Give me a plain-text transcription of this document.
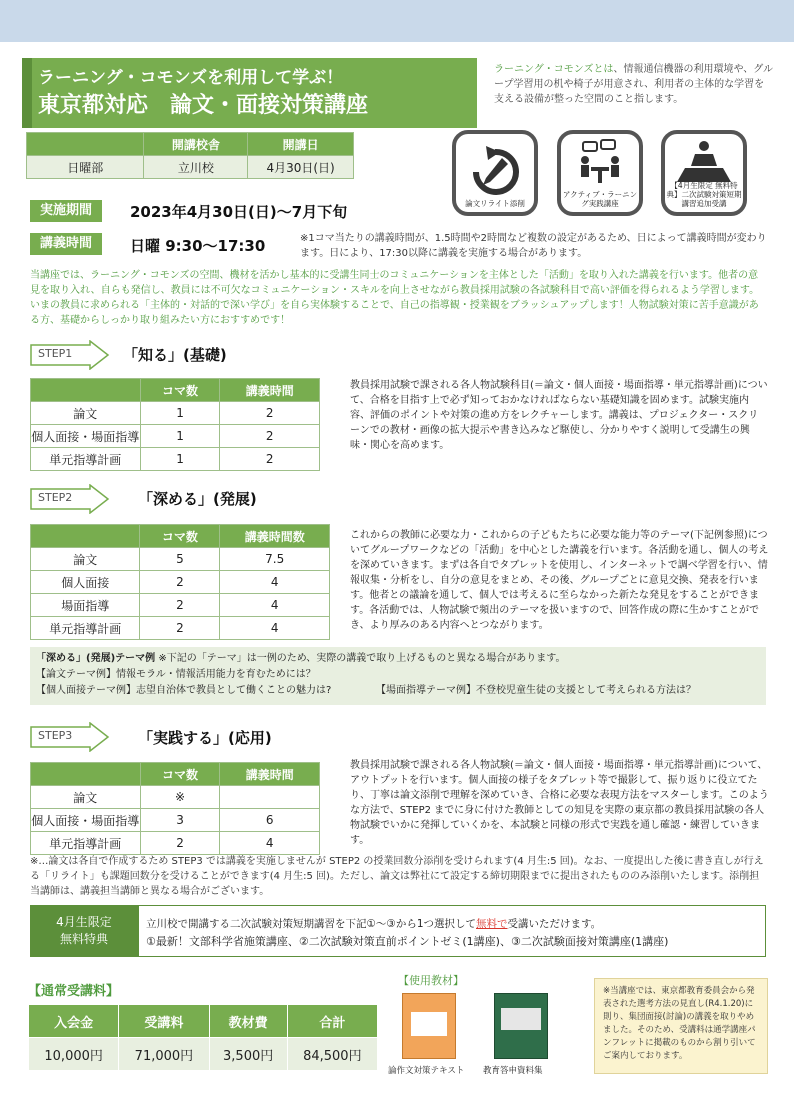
ラーニング・コモンズを利用して学ぶ！
東京都対応　論文・面接対策講座
ラーニング・コモンズとは、情報通信機器の利用環境や、グループ学習用の机や椅子が用意され、利用者の主体的な学習を支える設備が整った空間のこと指します。
	開講校舎	開講日
日曜部	立川校	4月30日(日)
論文リライト添削
アクティブ・ラーニング実践講座
【4月生限定 無料特典】二次試験対策短期講習追加受講
実施期間	2023年4月30日(日)～7月下旬
講義時間	日曜 9:30～17:30	※1コマ当たりの講義時間が、1.5時間や2時間など複数の設定があるため、日によって講義時間が変わります。日により、17:30以降に講義を実施する場合があります。
当講座では、ラーニング・コモンズの空間、機材を活かし基本的に受講生同士のコミュニケーションを主体とした「活動」を取り入れた講義を行います。他者の意見を取り入れ、自らも発信し、教員には不可欠なコミュニケーション・スキルを向上させながら教員採用試験の各試験科目で高い評価を得られるよう学習します。いまの教員に求められる「主体的・対話的で深い学び」を自ら実体験することで、自己の指導観・授業観をブラッシュアップします！人物試験対策に苦手意識がある方、基礎からしっかり取り組みたい方におすすめです！
STEP1	「知る」(基礎)
	コマ数	講義時間
論文	1	2
個人面接・場面指導	1	2
単元指導計画	1	2
教員採用試験で課される各人物試験科目(＝論文・個人面接・場面指導・単元指導計画)について、合格を目指す上で必ず知っておかなければならない基礎知識を固めます。試験実施内容、評価のポイントや対策の進め方をレクチャーします。講義は、プロジェクター・スクリーンでの教材・画像の拡大提示や書き込みなど駆使し、分かりやすく説明して受講生の興味・関心を高めます。
STEP2	「深める」(発展)
	コマ数	講義時間数
論文	5	7.5
個人面接	2	4
場面指導	2	4
単元指導計画	2	4
これからの教師に必要な力・これからの子どもたちに必要な能力等のテーマ(下記例参照)についてグループワークなどの「活動」を中心とした講義を行います。各活動を通し、個人の考えを深めていきます。まずは各自でタブレットを使用し、インターネットで調べ学習を行い、情報収集・分析をし、自分の意見をまとめ、その後、グループごとに意見交換、発表を行います。他者との議論を通して、個人では考えるに至らなかった新たな発見をすることができます。各活動では、人物試験で頻出のテーマを扱いますので、回答作成の際に生かすことができ、より厚みのある内容へとつながります。
「深める」(発展)テーマ例 ※下記の「テーマ」は一例のため、実際の講義で取り上げるものと異なる場合があります。
【論文テーマ例】情報モラル・情報活用能力を育むためには？
【個人面接テーマ例】志望自治体で教員として働くことの魅力は?	【場面指導テーマ例】不登校児童生徒の支援として考えられる方法は？
STEP3	「実践する」(応用)
	コマ数	講義時間
論文	※	
個人面接・場面指導	3	6
単元指導計画	2	4
教員採用試験で課される各人物試験(＝論文・個人面接・場面指導・単元指導計画)について、アウトプットを行います。個人面接の様子をタブレット等で撮影して、振り返りに役立てたり、丁寧は論文添削で理解を深めていき、合格に必要な表現方法をマスターします。このような方法で、STEP2 までに身に付けた教師としての知見を実際の東京都の教員採用試験の各人物試験でいかに発揮していくかを、本試験と同様の形式で実践を通し確認・練習していきます。
※…論文は各自で作成するため STEP3 では講義を実施しませんが STEP2 の授業回数分添削を受けられます(4 月生:5 回)。なお、一度提出した後に書き直しが行える「リライト」も課題回数分を受けることができます(4 月生:5 回)。ただし、論文は弊社にて設定する締切期限までに提出されたもののみ添削いたします。添削担当講師は、講義担当講師と異なる場合がございます。
4月生限定
無料特典
立川校で開講する二次試験対策短期講習を下記①～③から1つ選択して無料で受講いただけます。
①最新！文部科学省施策講座、②二次試験対策直前ポイントゼミ(1講座)、③二次試験面接対策講座(1講座)
【通常受講料】
入会金	受講料	教材費	合計
10,000円	71,000円	3,500円	84,500円
【使用教材】
論作文対策テキスト 教育答申資料集
※当講座では、東京都教育委員会から発表された選考方法の見直し(R4.1.20)に則り、集団面接(討論)の講義を取りやめました。そのため、受講料は通学講座パンフレットに掲載のものから割り引いてご案内しております。
